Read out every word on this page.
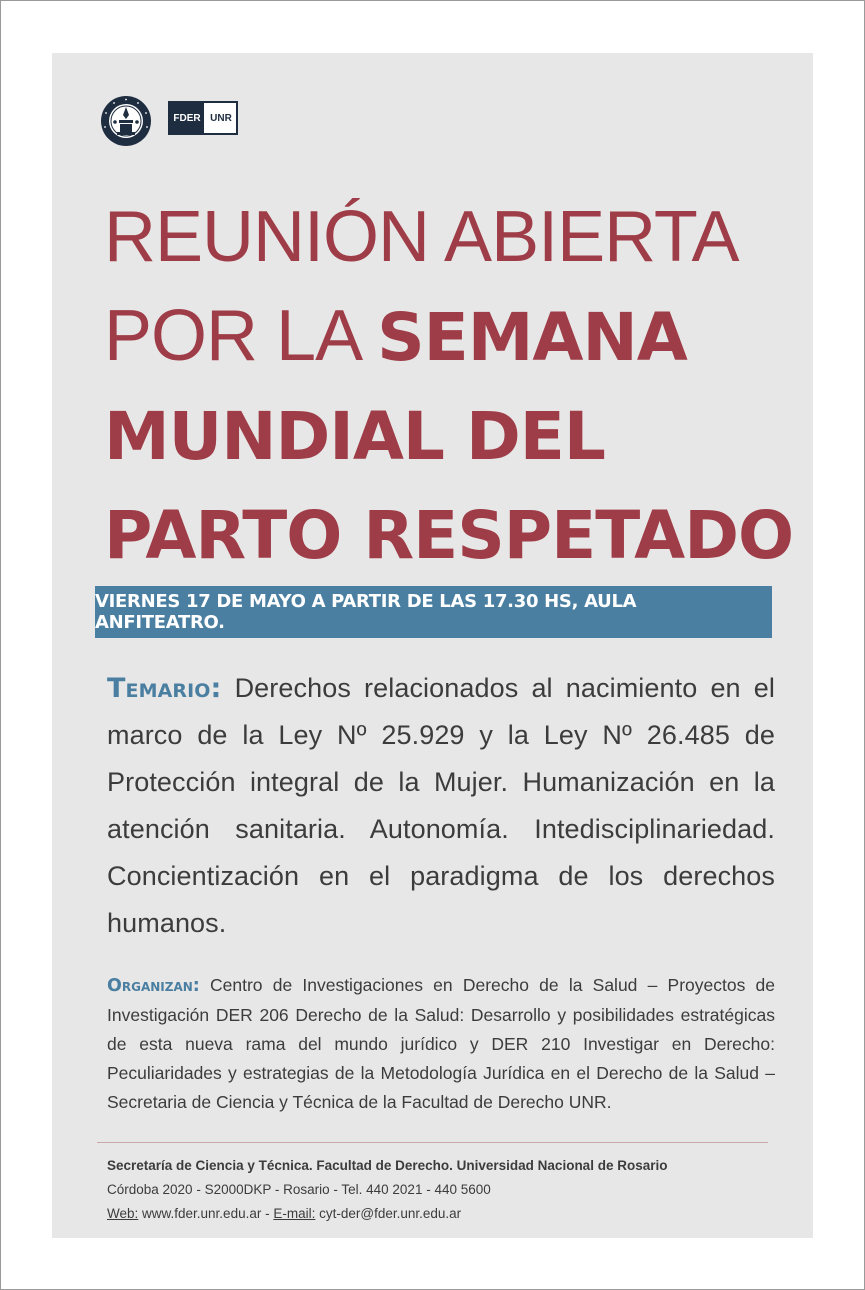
FDER UNR
REUNIÓN ABIERTA
POR LA SEMANA
MUNDIAL DEL
PARTO RESPETADO
VIERNES 17 DE MAYO A PARTIR DE LAS 17.30 HS, AULA ANFITEATRO.
Temario: Derechos relacionados al nacimiento en el marco de la Ley Nº 25.929 y la Ley Nº 26.485 de Protección integral de la Mujer. Humanización en la atención sanitaria. Autonomía. Intedisciplinariedad. Concientización en el paradigma de los derechos humanos.
Organizan: Centro de Investigaciones en Derecho de la Salud – Proyectos de Investigación DER 206 Derecho de la Salud: Desarrollo y posibilidades estratégicas de esta nueva rama del mundo jurídico y DER 210 Investigar en Derecho: Peculiaridades y estrategias de la Metodología Jurídica en el Derecho de la Salud – Secretaria de Ciencia y Técnica de la Facultad de Derecho UNR.
Secretaría de Ciencia y Técnica. Facultad de Derecho. Universidad Nacional de Rosario
Córdoba 2020 - S2000DKP - Rosario - Tel. 440 2021 - 440 5600
Web: www.fder.unr.edu.ar - E-mail: cyt-der@fder.unr.edu.ar
